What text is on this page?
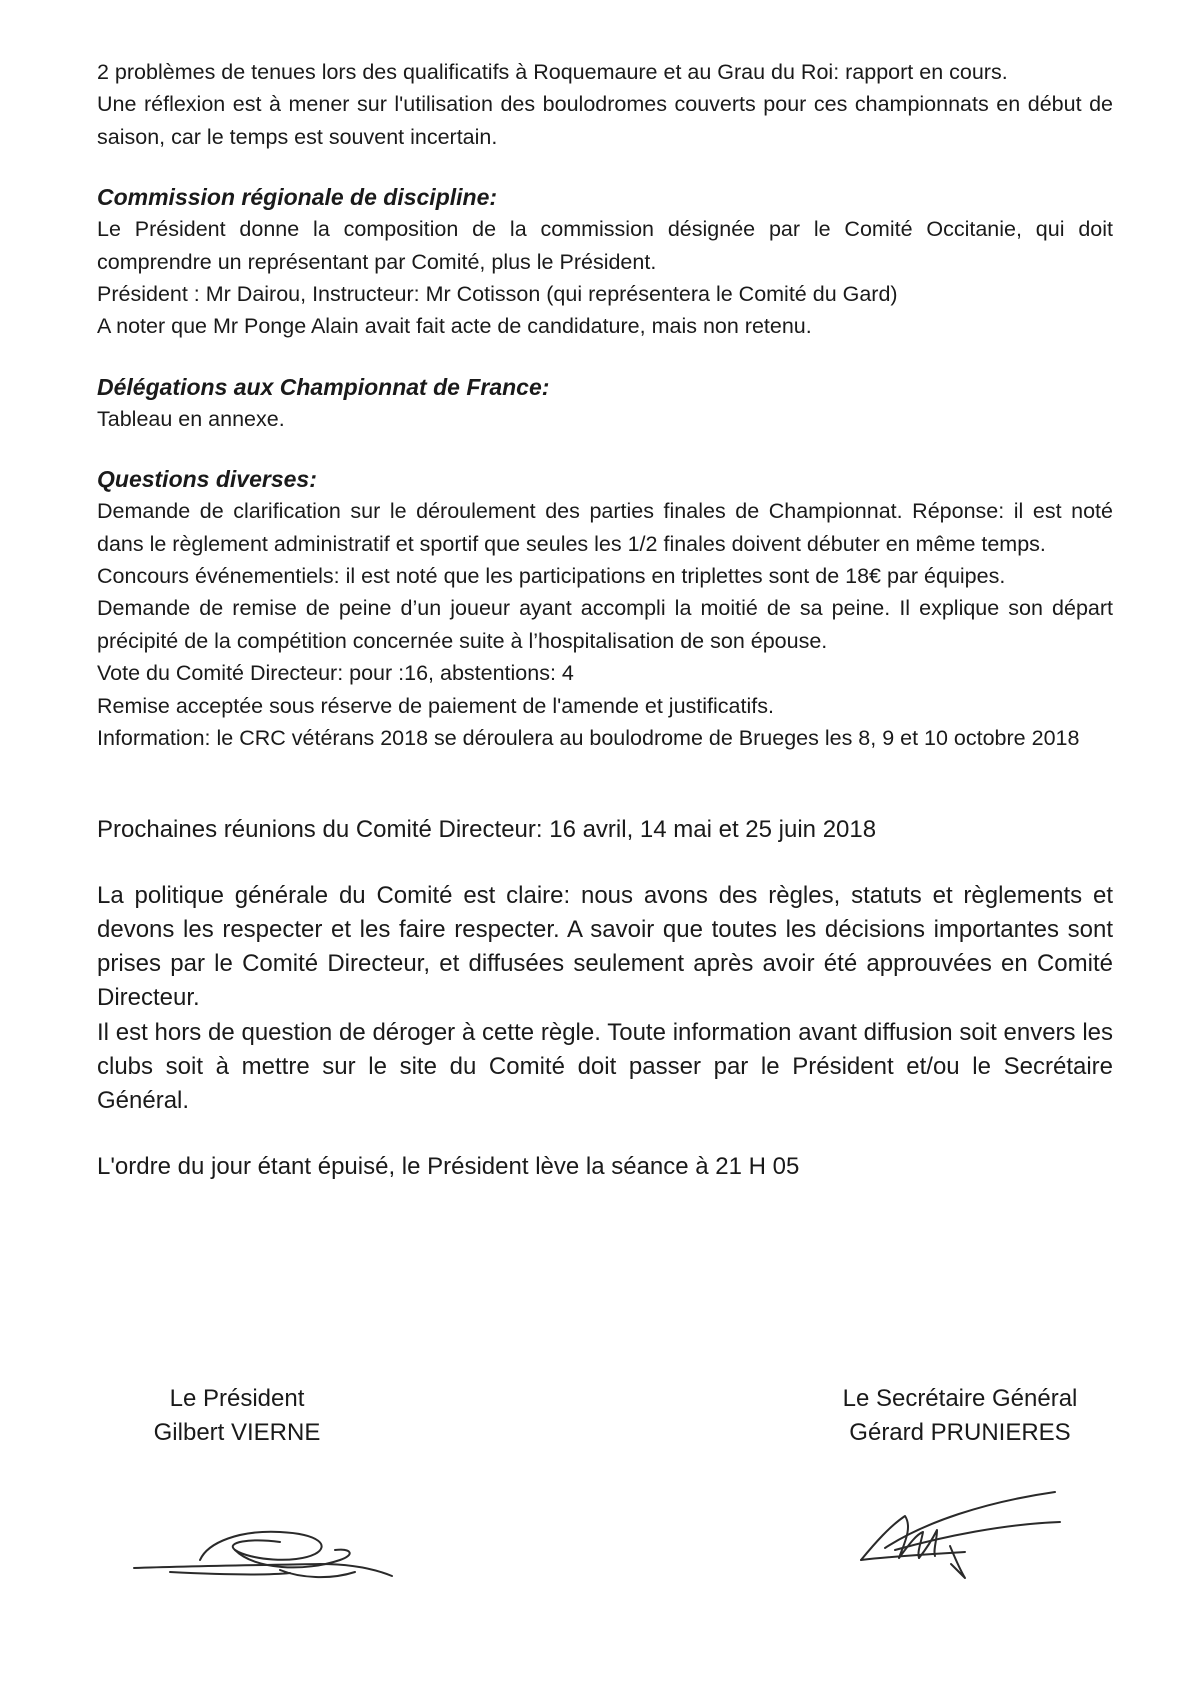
2 problèmes de tenues lors des qualificatifs à Roquemaure et au Grau du Roi: rapport en cours.

Une réflexion est à mener sur l'utilisation des boulodromes couverts pour ces championnats en début de saison, car le temps est souvent incertain.

Commission régionale de discipline:

Le Président donne la composition de la commission désignée par le Comité Occitanie, qui doit comprendre un représentant par Comité, plus le Président.

Président : Mr Dairou, Instructeur: Mr Cotisson (qui représentera le Comité du Gard)

A noter que Mr Ponge Alain avait fait acte de candidature, mais non retenu.

Délégations aux Championnat de France:

Tableau en annexe.

Questions diverses:

Demande de clarification sur le déroulement des parties finales de Championnat. Réponse: il est noté dans le règlement administratif et sportif que seules les 1/2 finales doivent débuter en même temps.

Concours événementiels: il est noté que les participations en triplettes sont de 18€ par équipes.

Demande de remise de peine d’un joueur ayant accompli la moitié de sa peine. Il explique son départ précipité de la compétition concernée suite à l’hospitalisation de son épouse.

Vote du Comité Directeur: pour :16, abstentions: 4

Remise acceptée sous réserve de paiement de l'amende et justificatifs.

Information: le CRC vétérans 2018 se déroulera au boulodrome de Brueges les 8, 9 et 10 octobre 2018

Prochaines réunions du Comité Directeur: 16 avril, 14 mai et 25 juin 2018

La politique générale du Comité est claire: nous avons des règles, statuts et règlements et devons les respecter et les faire respecter. A savoir que toutes les décisions importantes sont prises par le Comité Directeur, et diffusées seulement après avoir été approuvées en Comité Directeur.

Il est hors de question de déroger à cette règle. Toute information avant diffusion soit envers les clubs soit à mettre sur le site du Comité doit passer par le Président et/ou le Secrétaire Général.

L'ordre du jour étant épuisé, le Président lève la séance à 21 H 05

Le Président
Gilbert VIERNE
Le Secrétaire Général
Gérard PRUNIERES
